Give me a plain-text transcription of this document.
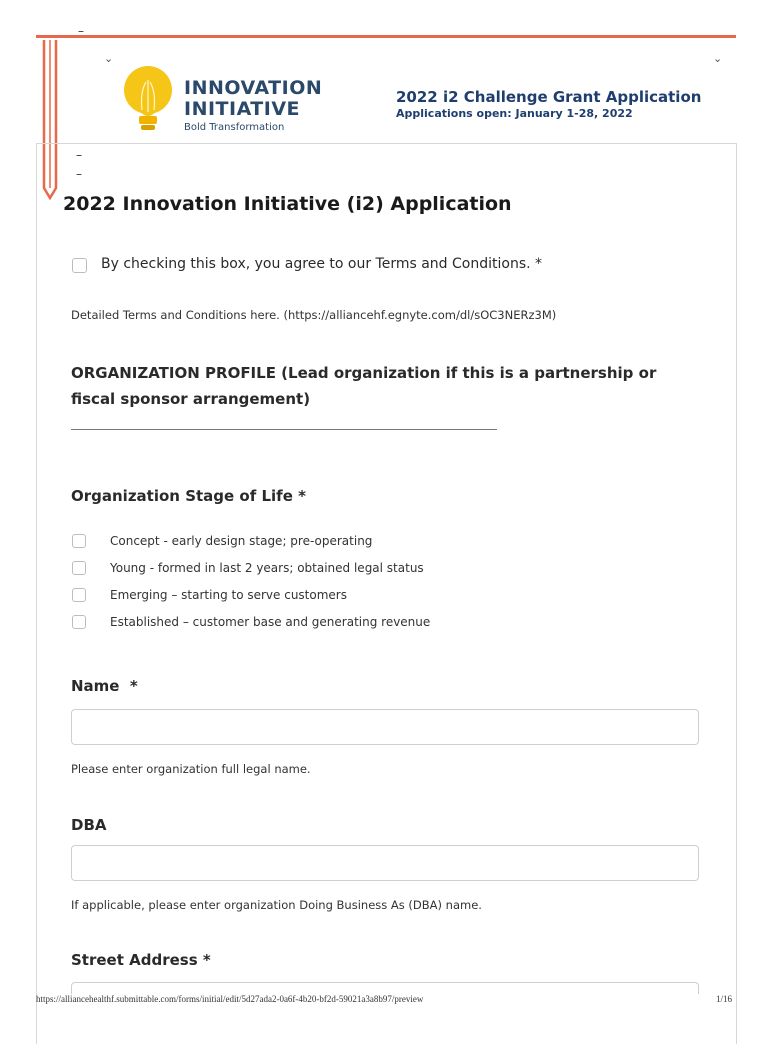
–
–
–
⌄	⌄
INNOVATION
INITIATIVE
Bold Transformation
2022 i2 Challenge Grant Application
Applications open: January 1-28, 2022
2022 Innovation Initiative (i2) Application
By checking this box, you agree to our Terms and Conditions. *
Detailed Terms and Conditions here. (https://alliancehf.egnyte.com/dl/sOC3NERz3M)
ORGANIZATION PROFILE (Lead organization if this is a partnership or fiscal sponsor arrangement)
Organization Stage of Life *
Concept - early design stage; pre-operating
Young - formed in last 2 years; obtained legal status
Emerging – starting to serve customers
Established – customer base and generating revenue
Name  *
Please enter organization full legal name.
DBA
If applicable, please enter organization Doing Business As (DBA) name.
Street Address *
https://alliancehealthf.submittable.com/forms/initial/edit/5d27ada2-0a6f-4b20-bf2d-59021a3a8b97/preview	1/16
